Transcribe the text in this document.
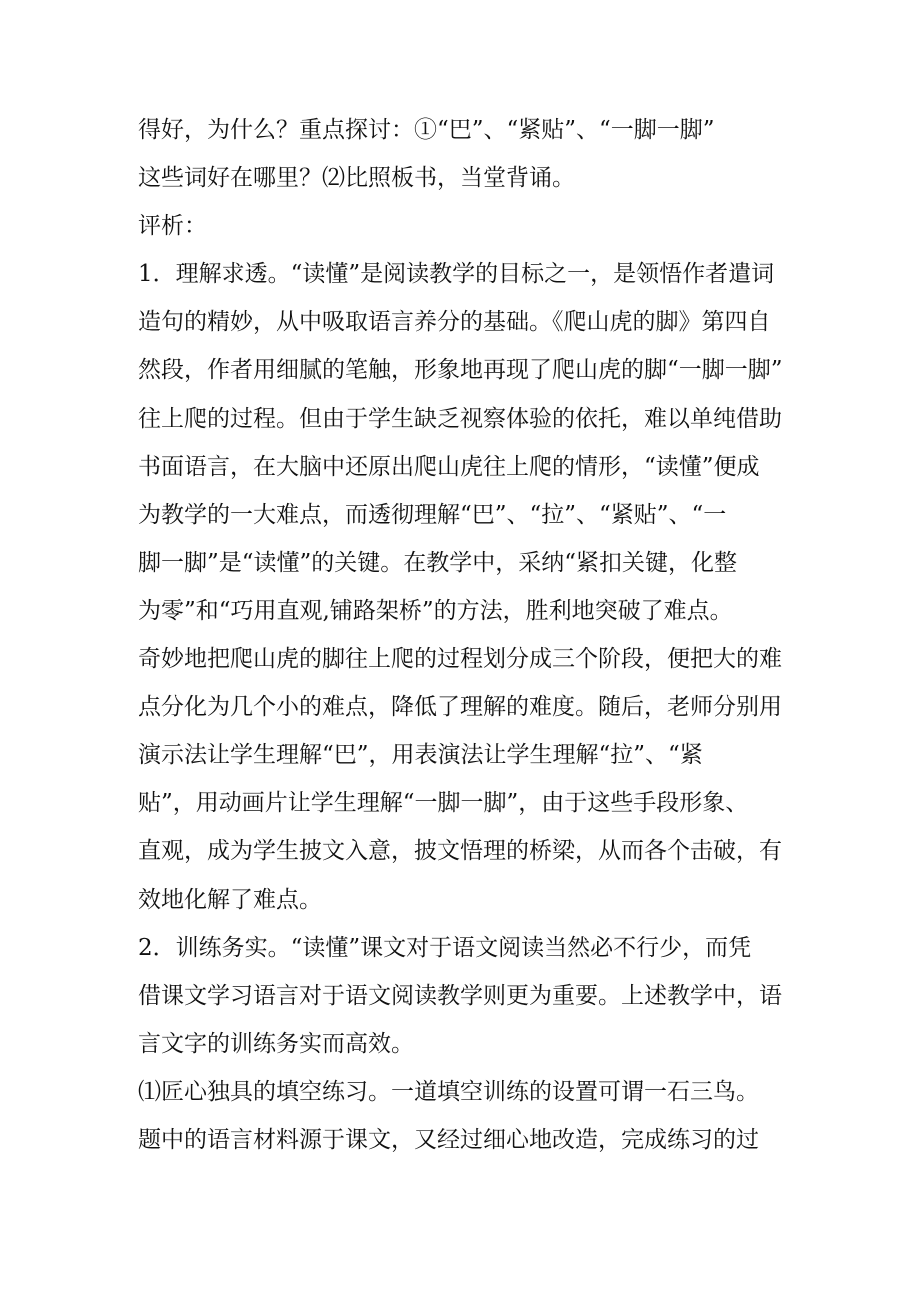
得好，为什么？重点探讨：①“巴”、“紧贴”、“一脚一脚”
这些词好在哪里？⑵比照板书，当堂背诵。
评析：
1．理解求透。“读懂”是阅读教学的目标之一，是领悟作者遣词
造句的精妙，从中吸取语言养分的基础。《爬山虎的脚》第四自
然段，作者用细腻的笔触，形象地再现了爬山虎的脚“一脚一脚”
往上爬的过程。但由于学生缺乏视察体验的依托，难以单纯借助
书面语言，在大脑中还原出爬山虎往上爬的情形，“读懂”便成
为教学的一大难点，而透彻理解“巴”、“拉”、“紧贴”、“一
脚一脚”是“读懂”的关键。在教学中，采纳“紧扣关键，化整
为零”和“巧用直观,铺路架桥”的方法，胜利地突破了难点。
奇妙地把爬山虎的脚往上爬的过程划分成三个阶段，便把大的难
点分化为几个小的难点，降低了理解的难度。随后，老师分别用
演示法让学生理解“巴”，用表演法让学生理解“拉”、“紧
贴”，用动画片让学生理解“一脚一脚”，由于这些手段形象、
直观，成为学生披文入意，披文悟理的桥梁，从而各个击破，有
效地化解了难点。
2．训练务实。“读懂”课文对于语文阅读当然必不行少，而凭
借课文学习语言对于语文阅读教学则更为重要。上述教学中，语
言文字的训练务实而高效。
⑴匠心独具的填空练习。一道填空训练的设置可谓一石三鸟。
题中的语言材料源于课文，又经过细心地改造，完成练习的过
